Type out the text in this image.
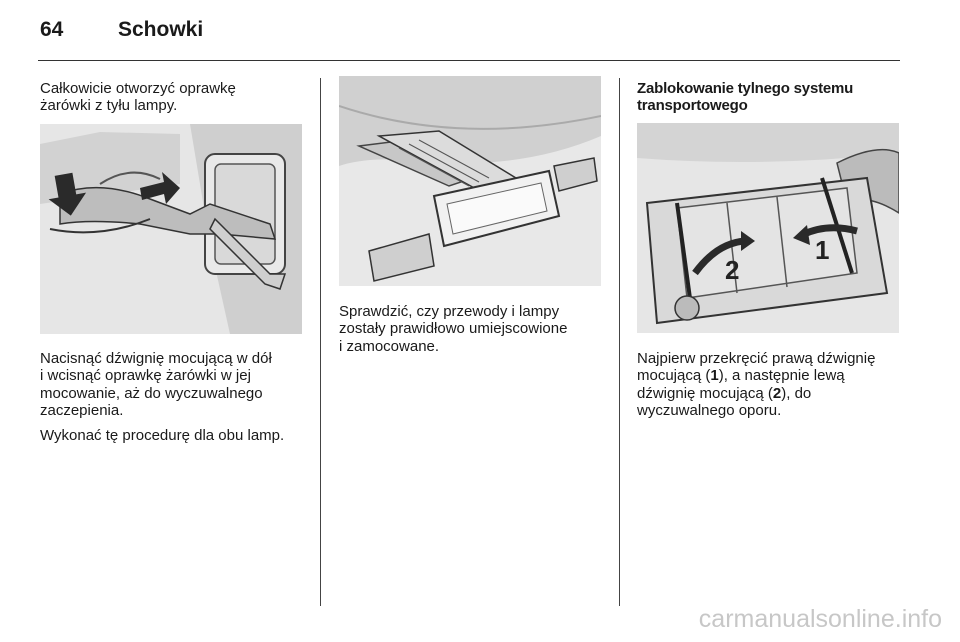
64	Schowki

Całkowicie otworzyć oprawkę
żarówki z tyłu lampy.

Nacisnąć dźwignię mocującą w dół
i wcisnąć oprawkę żarówki w jej
mocowanie, aż do wyczuwalnego
zaczepienia.

Wykonać tę procedurę dla obu lamp.

Sprawdzić, czy przewody i lampy
zostały prawidłowo umiejscowione
i zamocowane.

Zablokowanie tylnego systemu
transportowego

1
2

Najpierw przekręcić prawą dźwignię
mocującą (1), a następnie lewą
dźwignię mocującą (2), do
wyczuwalnego oporu.

carmanualsonline.info
